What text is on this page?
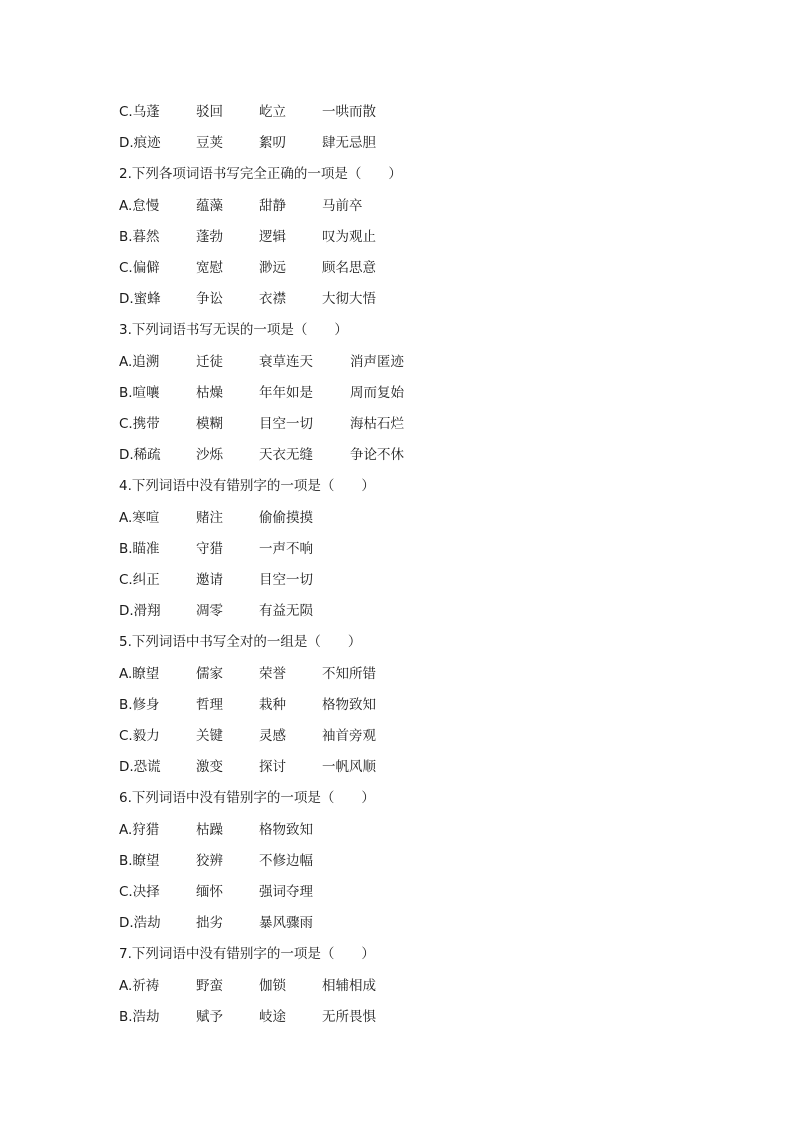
C.乌蓬	驳回	屹立	一哄而散
D.痕迹	豆荚	絮叨	肆无忌胆
2.下列各项词语书写完全正确的一项是（　　）
A.怠慢	蕴藻	甜静	马前卒
B.暮然	蓬勃	逻辑	叹为观止
C.偏僻	宽慰	渺远	顾名思意
D.蜜蜂	争讼	衣襟	大彻大悟
3.下列词语书写无误的一项是（　　）
A.追溯	迁徒	衰草连天	消声匿迹
B.喧嚷	枯燥	年年如是	周而复始
C.携带	模糊	目空一切	海枯石烂
D.稀疏	沙烁	天衣无缝	争论不休
4.下列词语中没有错别字的一项是（　　）
A.寒喧	赌注	偷偷摸摸
B.瞄准	守猎	一声不响
C.纠正	邀请	目空一切
D.滑翔	凋零	有益无陨
5.下列词语中书写全对的一组是（　　）
A.瞭望	儒家	荣誉	不知所错
B.修身	哲理	栽种	格物致知
C.毅力	关键	灵感	袖首旁观
D.恐谎	激变	探讨	一帆风顺
6.下列词语中没有错别字的一项是（　　）
A.狩猎	枯躁	格物致知
B.瞭望	狡辨	不修边幅
C.决择	缅怀	强词夺理
D.浩劫	拙劣	暴风骤雨
7.下列词语中没有错别字的一项是（　　）
A.祈祷	野蛮	伽锁	相辅相成
B.浩劫	赋予	岐途	无所畏惧
